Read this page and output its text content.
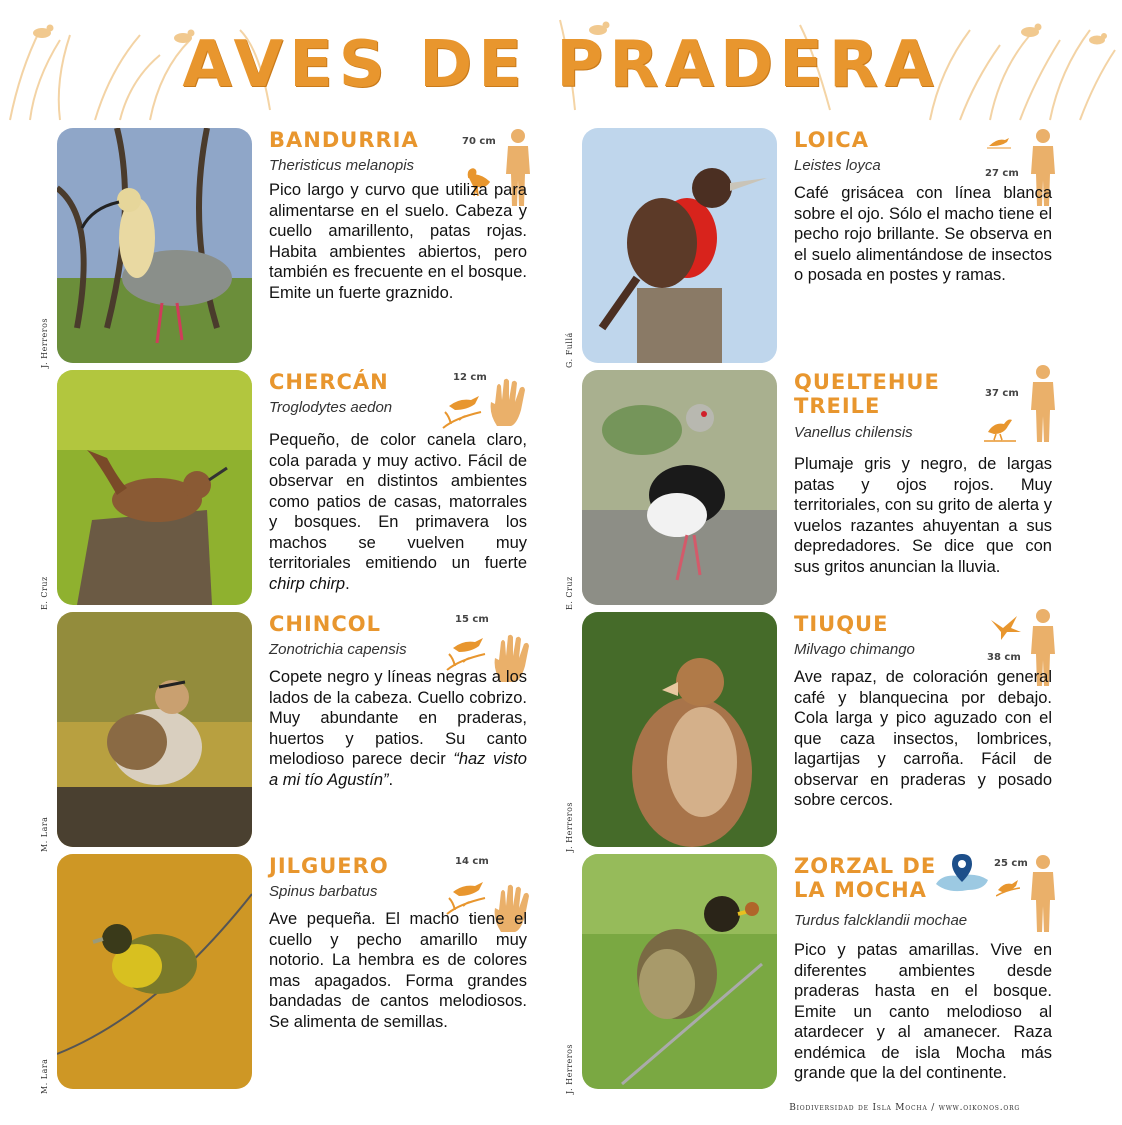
AVES DE PRADERA
J. Herreros
BANDURRIA
Theristicus melanopis
70 cm

Pico largo y curvo que utiliza para alimentarse en el suelo. Cabeza y cuello amarillento, patas rojas. Habita ambientes abiertos, pero también es frecuente en el bosque. Emite un fuerte graznido.

G. Fullá
LOICA
Leistes loyca	27 cm

Café grisácea con línea blanca sobre el ojo. Sólo el macho tiene el pecho rojo brillante. Se observa en el suelo alimentándose de insectos o posada en postes y ramas.

E. Cruz
CHERCÁN
Troglodytes aedon
12 cm

Pequeño, de color canela claro, cola parada y muy activo. Fácil de observar en distintos ambientes como patios de casas, matorrales y bosques. En primavera los machos se vuelven muy territoriales emitiendo un fuerte chirp chirp.	E. Cruz
QUELTEHUE
TREILE
Vanellus chilensis
37 cm

Plumaje gris y negro, de largas patas y ojos rojos. Muy territoriales, con su grito de alerta y vuelos razantes ahuyentan a sus depredadores. Se dice que con sus gritos anuncian la lluvia.

M. Lara
CHINCOL
Zonotrichia capensis
15 cm

Copete negro y líneas negras a los lados de la cabeza. Cuello cobrizo. Muy abundante en praderas, huertos y patios. Su canto melodioso parece decir “haz visto a mi tío Agustín”.

J. Herreros
TIUQUE
Milvago chimango	38 cm

Ave rapaz, de coloración general café y blanquecina por debajo. Cola larga y pico aguzado con el que caza insectos, lombrices, lagartijas y carroña. Fácil de observar en praderas y posado sobre cercos.

M. Lara
JILGUERO
Spinus barbatus
14 cm

Ave pequeña. El macho tiene el cuello y pecho amarillo muy notorio. La hembra es de colores mas apagados. Forma grandes bandadas de cantos melodiosos. Se alimenta de semillas.

J. Herreros
ZORZAL DE
LA MOCHA
Turdus falcklandii mochae
25 cm

Pico y patas amarillas. Vive en diferentes ambientes desde praderas hasta en el bosque. Emite un canto melodioso al atardecer y al amanecer. Raza endémica de isla Mocha más grande que la del continente.

Biodiversidad de Isla Mocha / www.oikonos.org
